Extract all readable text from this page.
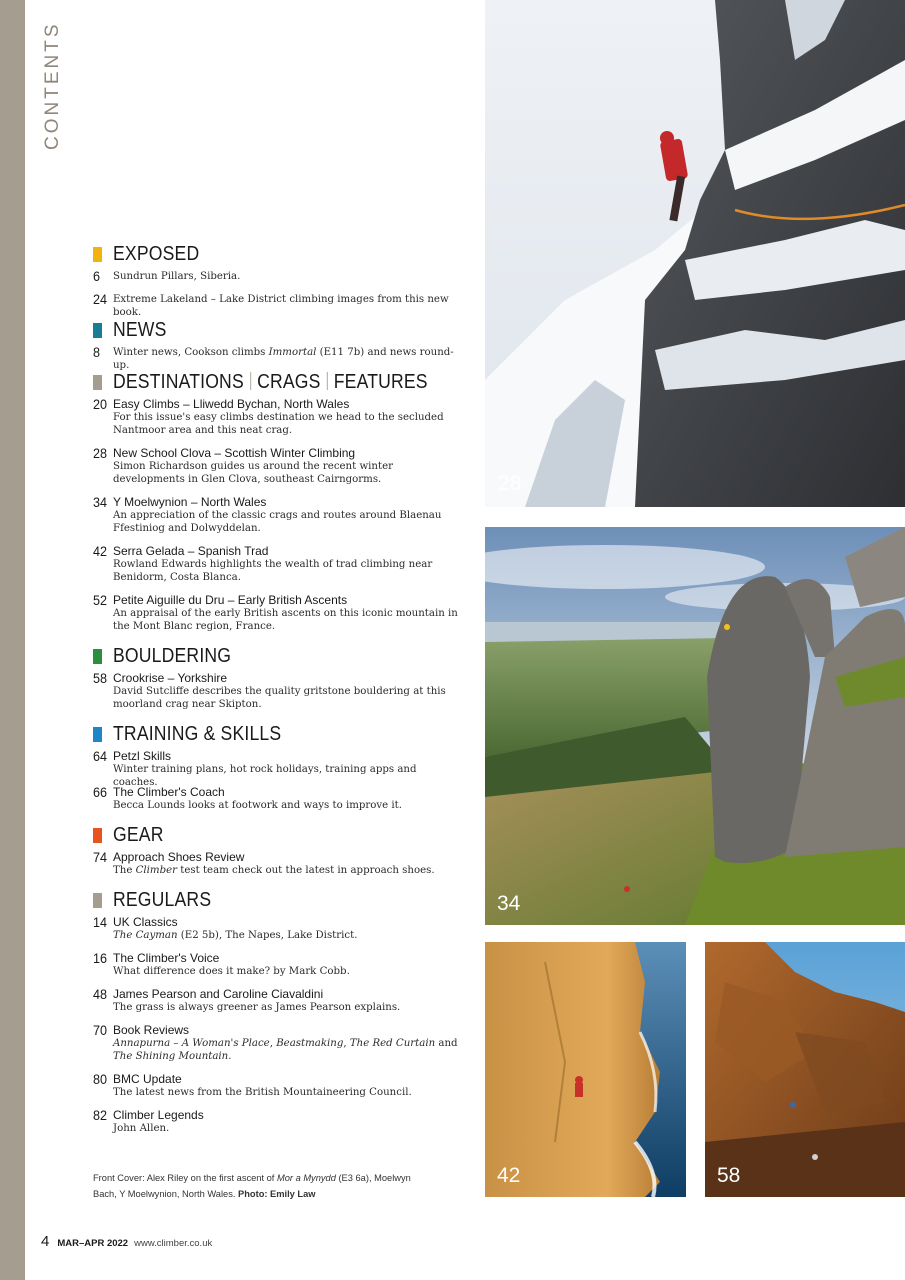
CONTENTS
EXPOSED
6 Sundrun Pillars, Siberia.
24 Extreme Lakeland – Lake District climbing images from this new book.
NEWS
8 Winter news, Cookson climbs Immortal (E11 7b) and news round-up.
DESTINATIONS CRAGS FEATURES
20 Easy Climbs – Lliwedd Bychan, North Wales
For this issue's easy climbs destination we head to the secluded Nantmoor area and this neat crag.
28 New School Clova – Scottish Winter Climbing
Simon Richardson guides us around the recent winter developments in Glen Clova, southeast Cairngorms.
34 Y Moelwynion – North Wales
An appreciation of the classic crags and routes around Blaenau Ffestiniog and Dolwyddelan.
42 Serra Gelada – Spanish Trad
Rowland Edwards highlights the wealth of trad climbing near Benidorm, Costa Blanca.
52 Petite Aiguille du Dru – Early British Ascents
An appraisal of the early British ascents on this iconic mountain in the Mont Blanc region, France.
BOULDERING
58 Crookrise – Yorkshire
David Sutcliffe describes the quality gritstone bouldering at this moorland crag near Skipton.
TRAINING & SKILLS
64 Petzl Skills
Winter training plans, hot rock holidays, training apps and coaches.
66 The Climber's Coach
Becca Lounds looks at footwork and ways to improve it.
GEAR
74 Approach Shoes Review
The Climber test team check out the latest in approach shoes.
REGULARS
14 UK Classics
The Cayman (E2 5b), The Napes, Lake District.
16 The Climber's Voice
What difference does it make? by Mark Cobb.
48 James Pearson and Caroline Ciavaldini
The grass is always greener as James Pearson explains.
70 Book Reviews
Annapurna – A Woman's Place, Beastmaking, The Red Curtain and
The Shining Mountain.
80 BMC Update
The latest news from the British Mountaineering Council.
82 Climber Legends
John Allen.
Front Cover: Alex Riley on the first ascent of Mor a Mynydd (E3 6a), Moelwyn Bach, Y Moelwynion, North Wales. Photo: Emily Law
4 MAR–APR 2022 www.climber.co.uk
28
34
42	58
